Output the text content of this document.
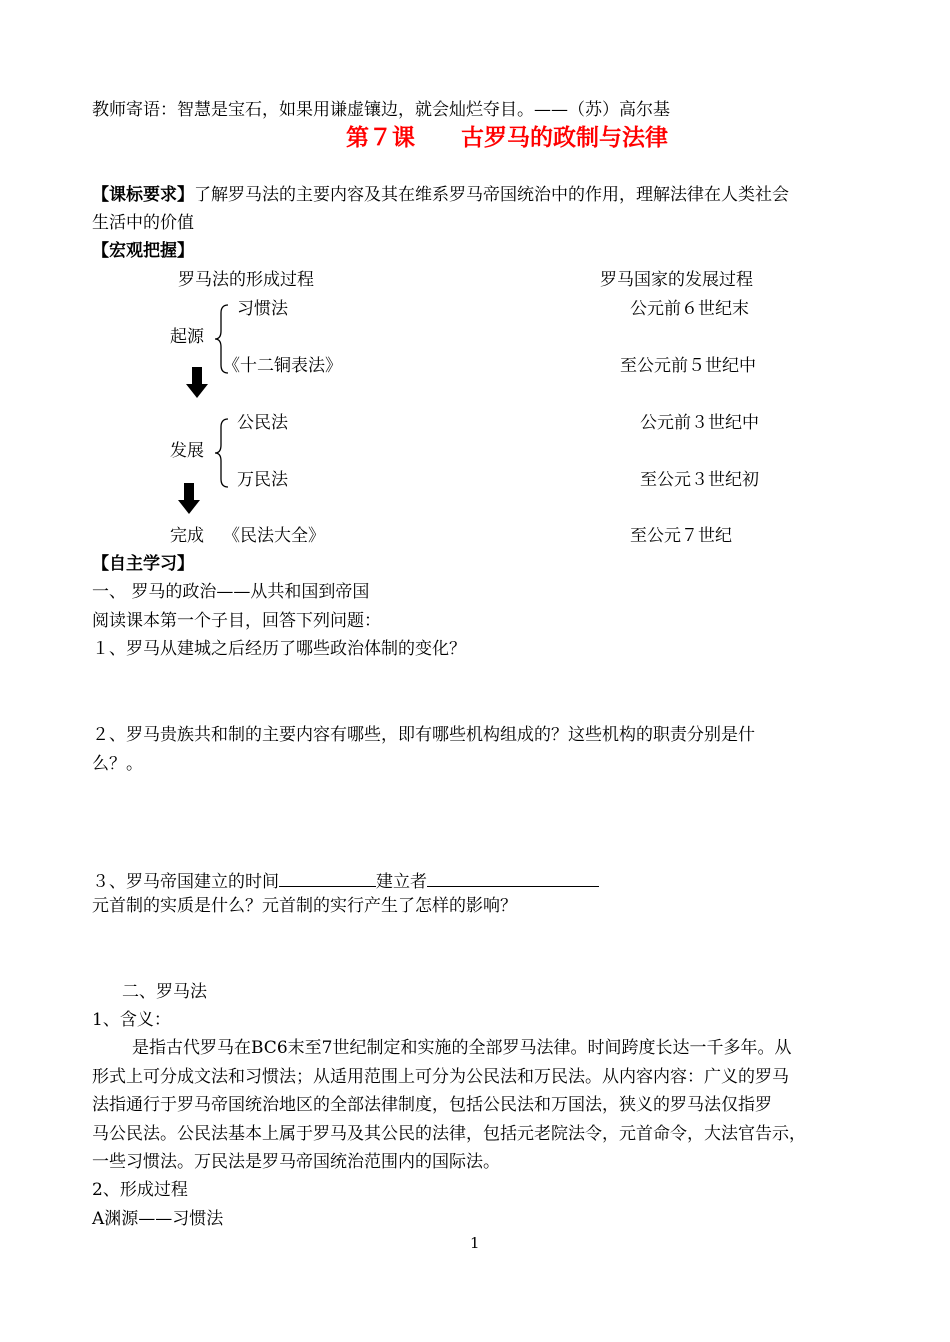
教师寄语：智慧是宝石，如果用谦虚镶边，就会灿烂夺目。——（苏）高尔基
第７课　　古罗马的政制与法律
【课标要求】了解罗马法的主要内容及其在维系罗马帝国统治中的作用，理解法律在人类社会
生活中的价值
【宏观把握】
罗马法的形成过程	罗马国家的发展过程
习惯法	公元前６世纪末
起源
《十二铜表法》	至公元前５世纪中
公民法	公元前３世纪中
发展
万民法	至公元３世纪初
完成 《民法大全》	至公元７世纪
【自主学习】
一、 罗马的政治——从共和国到帝国
阅读课本第一个子目，回答下列问题：
１、罗马从建城之后经历了哪些政治体制的变化？
２、罗马贵族共和制的主要内容有哪些，即有哪些机构组成的？这些机构的职责分别是什
么？。
３、罗马帝国建立的时间	建立者
元首制的实质是什么？元首制的实行产生了怎样的影响？
二、罗马法
1、含义：
是指古代罗马在BC6末至7世纪制定和实施的全部罗马法律。时间跨度长达一千多年。从
形式上可分成文法和习惯法；从适用范围上可分为公民法和万民法。从内容内容：广义的罗马
法指通行于罗马帝国统治地区的全部法律制度，包括公民法和万国法，狭义的罗马法仅指罗
马公民法。公民法基本上属于罗马及其公民的法律，包括元老院法令，元首命令，大法官告示，
一些习惯法。万民法是罗马帝国统治范围内的国际法。
2、形成过程
A渊源——习惯法
1
